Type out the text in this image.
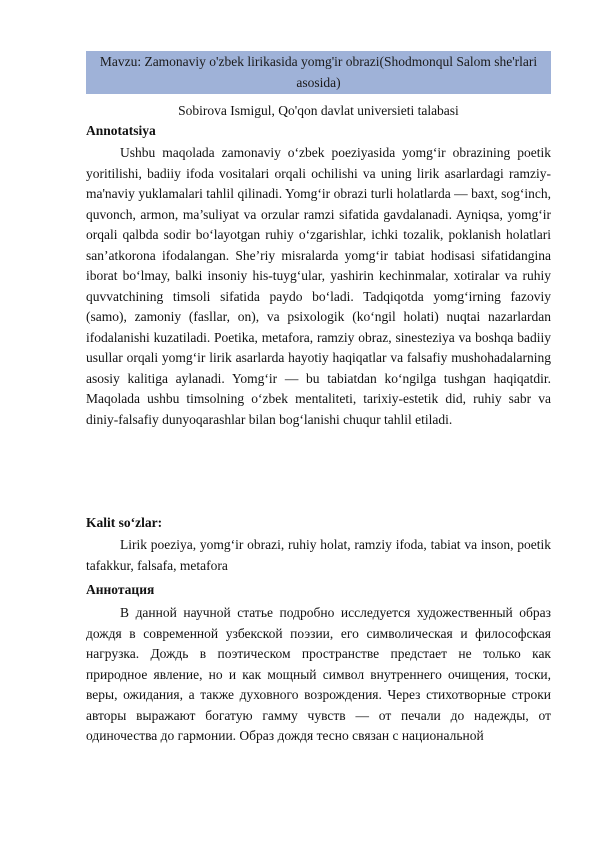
Mavzu: Zamonaviy o'zbek lirikasida yomg'ir obrazi(Shodmonqul Salom she'rlari asosida)
Sobirova Ismigul, Qo'qon davlat universieti talabasi
Annotatsiya

Ushbu maqolada zamonaviy o‘zbek poeziyasida yomg‘ir obrazining poetik yoritilishi, badiiy ifoda vositalari orqali ochilishi va uning lirik asarlardagi ramziy-ma'naviy yuklamalari tahlil qilinadi. Yomg‘ir obrazi turli holatlarda — baxt, sog‘inch, quvonch, armon, ma’suliyat va orzular ramzi sifatida gavdalanadi. Ayniqsa, yomg‘ir orqali qalbda sodir bo‘layotgan ruhiy o‘zgarishlar, ichki tozalik, poklanish holatlari san’atkorona ifodalangan. She’riy misralarda yomg‘ir tabiat hodisasi sifatidangina iborat bo‘lmay, balki insoniy his-tuyg‘ular, yashirin kechinmalar, xotiralar va ruhiy quvvatchining timsoli sifatida paydo bo‘ladi. Tadqiqotda yomg‘irning fazoviy (samo), zamoniy (fasllar, on), va psixologik (ko‘ngil holati) nuqtai nazarlardan ifodalanishi kuzatiladi. Poetika, metafora, ramziy obraz, sinesteziya va boshqa badiiy usullar orqali yomg‘ir lirik asarlarda hayotiy haqiqatlar va falsafiy mushohadalarning asosiy kalitiga aylanadi. Yomg‘ir — bu tabiatdan ko‘ngilga tushgan haqiqatdir. Maqolada ushbu timsolning o‘zbek mentaliteti, tarixiy-estetik did, ruhiy sabr va diniy-falsafiy dunyoqarashlar bilan bog‘lanishi chuqur tahlil etiladi.

Kalit so‘zlar:

Lirik poeziya, yomg‘ir obrazi, ruhiy holat, ramziy ifoda, tabiat va inson, poetik tafakkur, falsafa, metafora

Аннотация

В данной научной статье подробно исследуется художественный образ дождя в современной узбекской поэзии, его символическая и философская нагрузка. Дождь в поэтическом пространстве предстает не только как природное явление, но и как мощный символ внутреннего очищения, тоски, веры, ожидания, а также духовного возрождения. Через стихотворные строки авторы выражают богатую гамму чувств — от печали до надежды, от одиночества до гармонии. Образ дождя тесно связан с национальной
